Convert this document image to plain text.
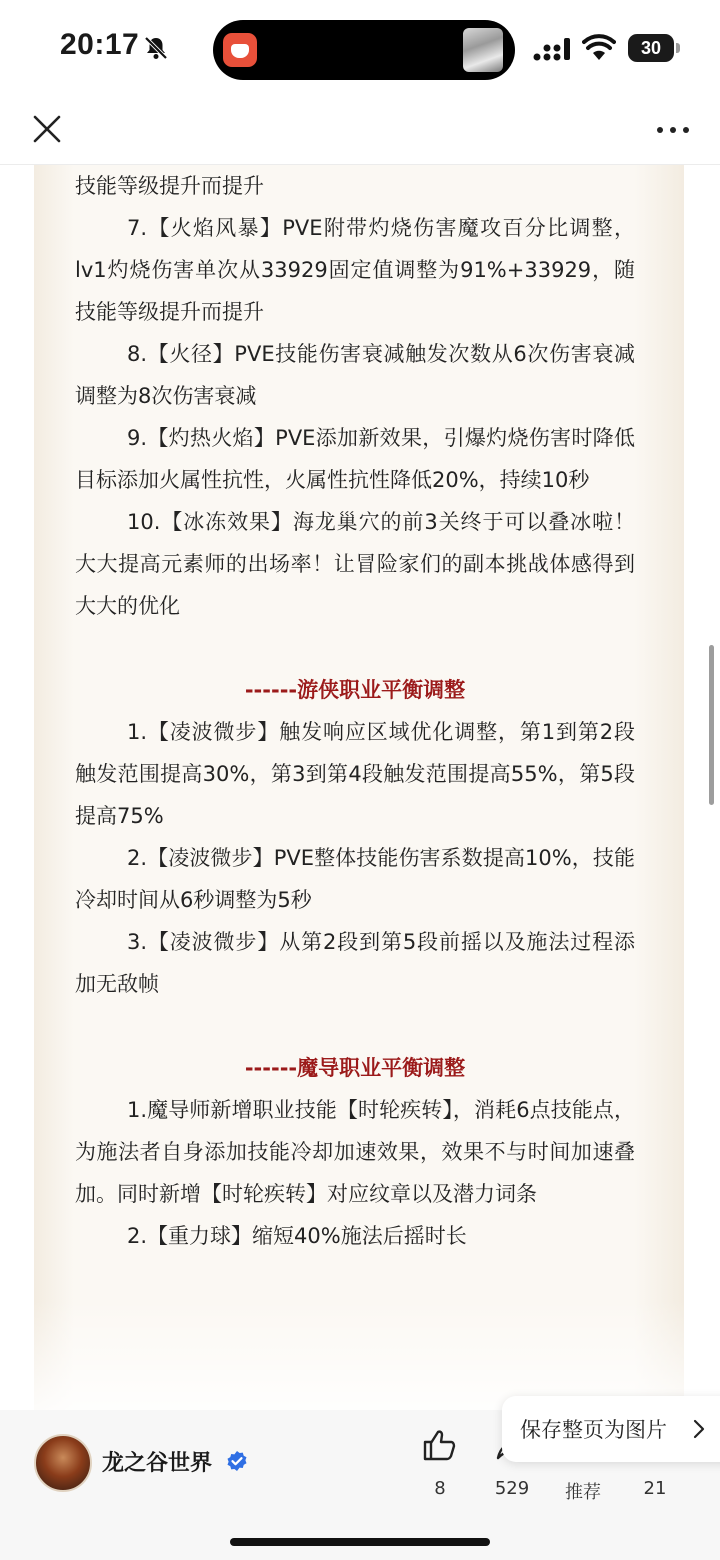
20:17	30

技能等级提升而提升

7.【火焰风暴】PVE附带灼烧伤害魔攻百分比调整，lv1灼烧伤害单次从33929固定值调整为91%+33929，随技能等级提升而提升

8.【火径】PVE技能伤害衰减触发次数从6次伤害衰减调整为8次伤害衰减

9.【灼热火焰】PVE添加新效果，引爆灼烧伤害时降低目标添加火属性抗性，火属性抗性降低20%，持续10秒

10.【冰冻效果】海龙巢穴的前3关终于可以叠冰啦！大大提高元素师的出场率！让冒险家们的副本挑战体感得到大大的优化

------游侠职业平衡调整

1.【凌波微步】触发响应区域优化调整，第1到第2段触发范围提高30%，第3到第4段触发范围提高55%，第5段提高75%

2.【凌波微步】PVE整体技能伤害系数提高10%，技能冷却时间从6秒调整为5秒

3.【凌波微步】从第2段到第5段前摇以及施法过程添加无敌帧

------魔导职业平衡调整

1.魔导师新增职业技能【时轮疾转】，消耗6点技能点，为施法者自身添加技能冷却加速效果，效果不与时间加速叠加。同时新增【时轮疾转】对应纹章以及潜力词条

2.【重力球】缩短40%施法后摇时长

龙之谷世界
8	529	推荐	21
保存整页为图片
